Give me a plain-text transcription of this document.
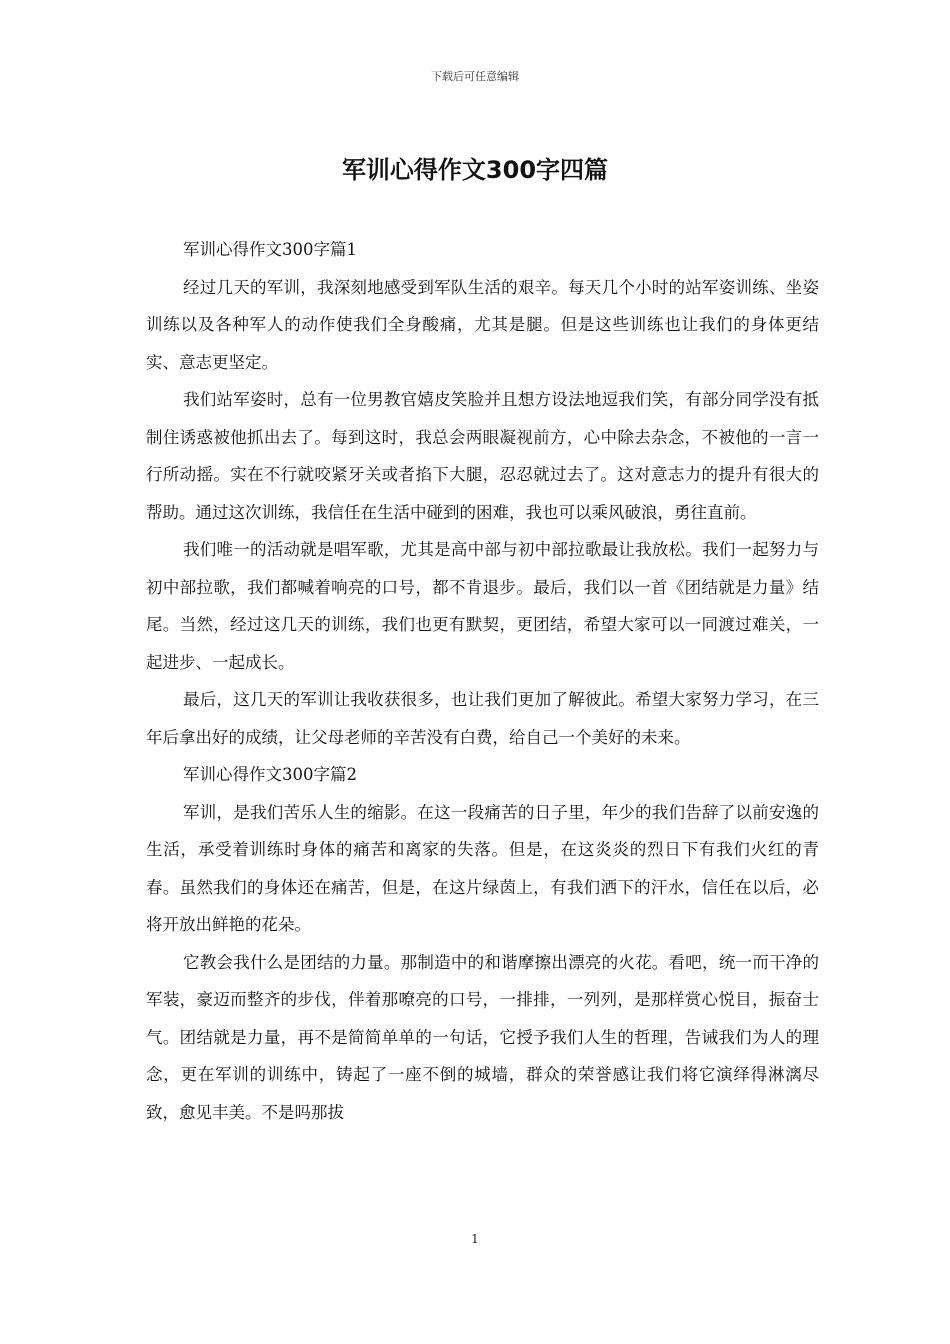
下载后可任意编辑
军训心得作文300字四篇

军训心得作文300字篇1

经过几天的军训，我深刻地感受到军队生活的艰辛。每天几个小时的站军姿训练、坐姿训练以及各种军人的动作使我们全身酸痛，尤其是腿。但是这些训练也让我们的身体更结实、意志更坚定。

我们站军姿时，总有一位男教官嬉皮笑脸并且想方设法地逗我们笑，有部分同学没有抵制住诱惑被他抓出去了。每到这时，我总会两眼凝视前方，心中除去杂念，不被他的一言一行所动摇。实在不行就咬紧牙关或者掐下大腿，忍忍就过去了。这对意志力的提升有很大的帮助。通过这次训练，我信任在生活中碰到的困难，我也可以乘风破浪，勇往直前。

我们唯一的活动就是唱军歌，尤其是高中部与初中部拉歌最让我放松。我们一起努力与初中部拉歌，我们都喊着响亮的口号，都不肯退步。最后，我们以一首《团结就是力量》结尾。当然，经过这几天的训练，我们也更有默契，更团结，希望大家可以一同渡过难关，一起进步、一起成长。

最后，这几天的军训让我收获很多，也让我们更加了解彼此。希望大家努力学习，在三年后拿出好的成绩，让父母老师的辛苦没有白费，给自己一个美好的未来。

军训心得作文300字篇2

军训，是我们苦乐人生的缩影。在这一段痛苦的日子里，年少的我们告辞了以前安逸的生活，承受着训练时身体的痛苦和离家的失落。但是，在这炎炎的烈日下有我们火红的青春。虽然我们的身体还在痛苦，但是，在这片绿茵上，有我们洒下的汗水，信任在以后，必将开放出鲜艳的花朵。

它教会我什么是团结的力量。那制造中的和谐摩擦出漂亮的火花。看吧，统一而干净的军装，豪迈而整齐的步伐，伴着那嘹亮的口号，一排排，一列列，是那样赏心悦目，振奋士气。团结就是力量，再不是简简单单的一句话，它授予我们人生的哲理，告诫我们为人的理念，更在军训的训练中，铸起了一座不倒的城墙，群众的荣誉感让我们将它演绎得淋漓尽致，愈见丰美。不是吗那拔

1
